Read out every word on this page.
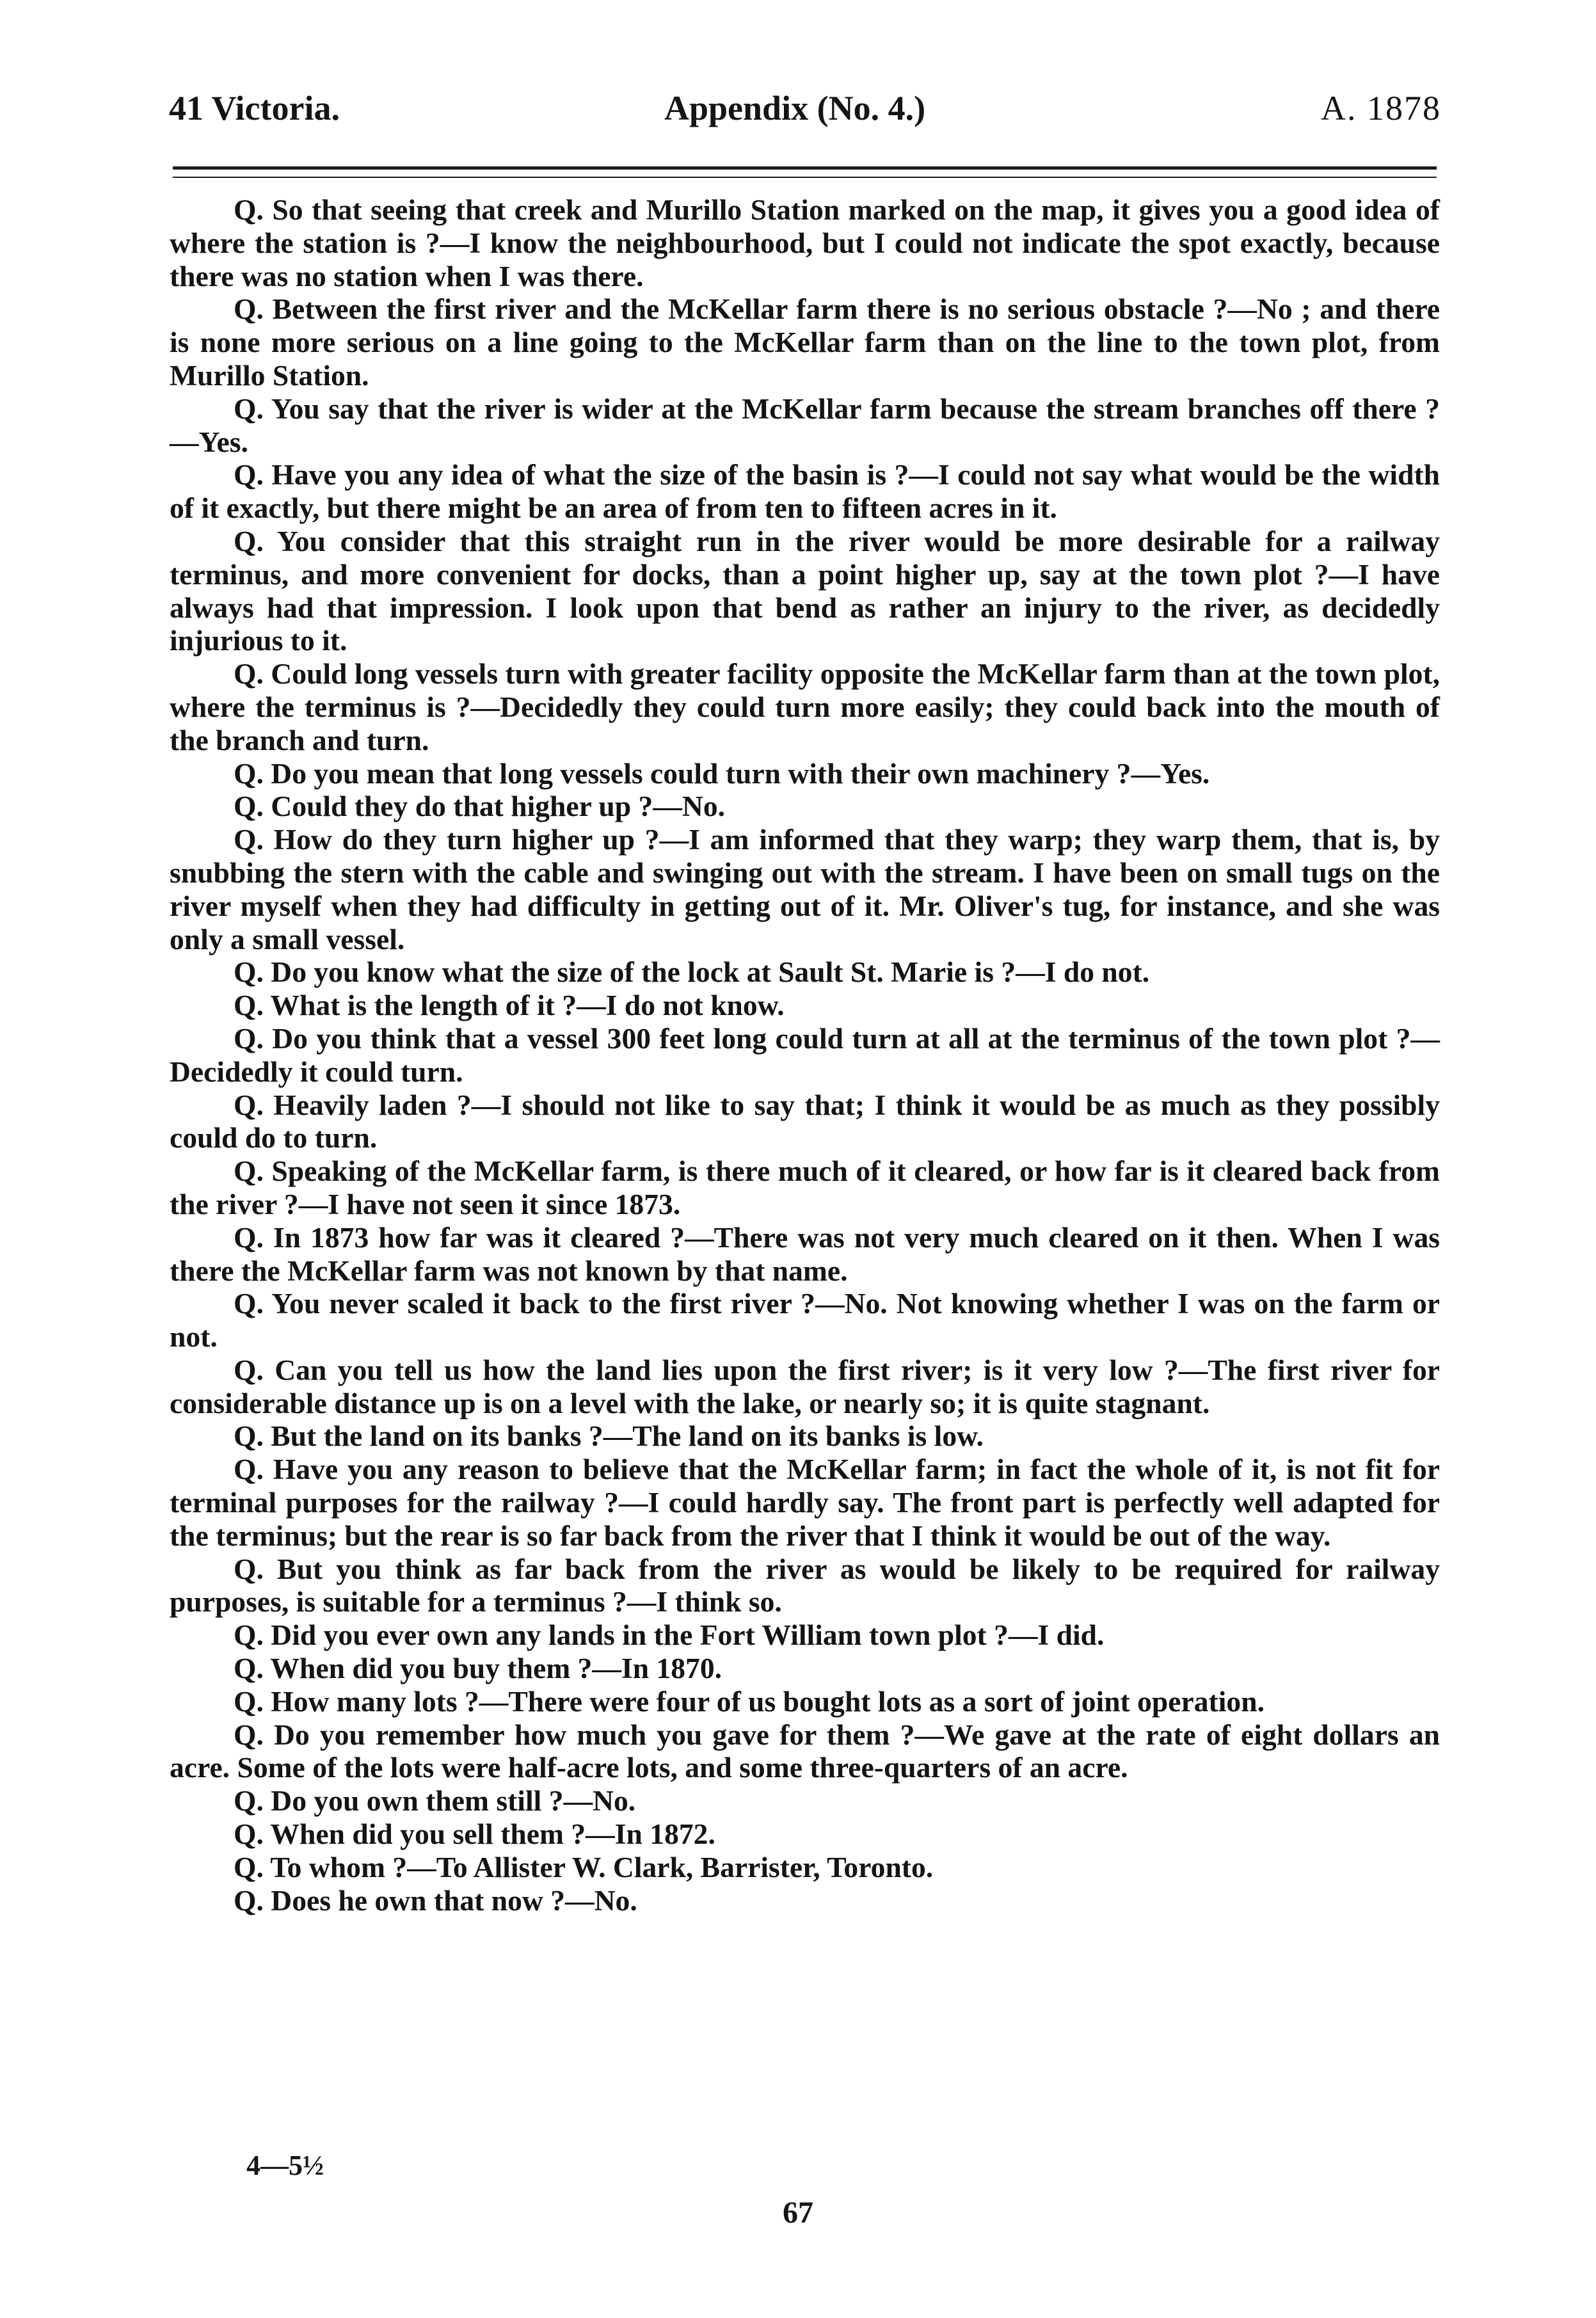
41 Victoria.	Appendix (No. 4.)	A. 1878

Q. So that seeing that creek and Murillo Station marked on the map, it gives you a good idea of where the station is ?—I know the neighbourhood, but I could not indicate the spot exactly, because there was no station when I was there.

Q. Between the first river and the McKellar farm there is no serious obstacle ?—No ; and there is none more serious on a line going to the McKellar farm than on the line to the town plot, from Murillo Station.

Q. You say that the river is wider at the McKellar farm because the stream branches off there ?—Yes.

Q. Have you any idea of what the size of the basin is ?—I could not say what would be the width of it exactly, but there might be an area of from ten to fifteen acres in it.

Q. You consider that this straight run in the river would be more desirable for a railway terminus, and more convenient for docks, than a point higher up, say at the town plot ?—I have always had that impression. I look upon that bend as rather an injury to the river, as decidedly injurious to it.

Q. Could long vessels turn with greater facility opposite the McKellar farm than at the town plot, where the terminus is ?—Decidedly they could turn more easily; they could back into the mouth of the branch and turn.

Q. Do you mean that long vessels could turn with their own machinery ?—Yes.

Q. Could they do that higher up ?—No.

Q. How do they turn higher up ?—I am informed that they warp; they warp them, that is, by snubbing the stern with the cable and swinging out with the stream. I have been on small tugs on the river myself when they had difficulty in getting out of it. Mr. Oliver's tug, for instance, and she was only a small vessel.

Q. Do you know what the size of the lock at Sault St. Marie is ?—I do not.

Q. What is the length of it ?—I do not know.

Q. Do you think that a vessel 300 feet long could turn at all at the terminus of the town plot ?—Decidedly it could turn.

Q. Heavily laden ?—I should not like to say that; I think it would be as much as they possibly could do to turn.

Q. Speaking of the McKellar farm, is there much of it cleared, or how far is it cleared back from the river ?—I have not seen it since 1873.

Q. In 1873 how far was it cleared ?—There was not very much cleared on it then. When I was there the McKellar farm was not known by that name.

Q. You never scaled it back to the first river ?—No. Not knowing whether I was on the farm or not.

Q. Can you tell us how the land lies upon the first river; is it very low ?—The first river for considerable distance up is on a level with the lake, or nearly so; it is quite stagnant.

Q. But the land on its banks ?—The land on its banks is low.

Q. Have you any reason to believe that the McKellar farm; in fact the whole of it, is not fit for terminal purposes for the railway ?—I could hardly say. The front part is perfectly well adapted for the terminus; but the rear is so far back from the river that I think it would be out of the way.

Q. But you think as far back from the river as would be likely to be required for railway purposes, is suitable for a terminus ?—I think so.

Q. Did you ever own any lands in the Fort William town plot ?—I did.

Q. When did you buy them ?—In 1870.

Q. How many lots ?—There were four of us bought lots as a sort of joint operation.

Q. Do you remember how much you gave for them ?—We gave at the rate of eight dollars an acre. Some of the lots were half-acre lots, and some three-quarters of an acre.

Q. Do you own them still ?—No.

Q. When did you sell them ?—In 1872.

Q. To whom ?—To Allister W. Clark, Barrister, Toronto.

Q. Does he own that now ?—No.

4—5½
67
